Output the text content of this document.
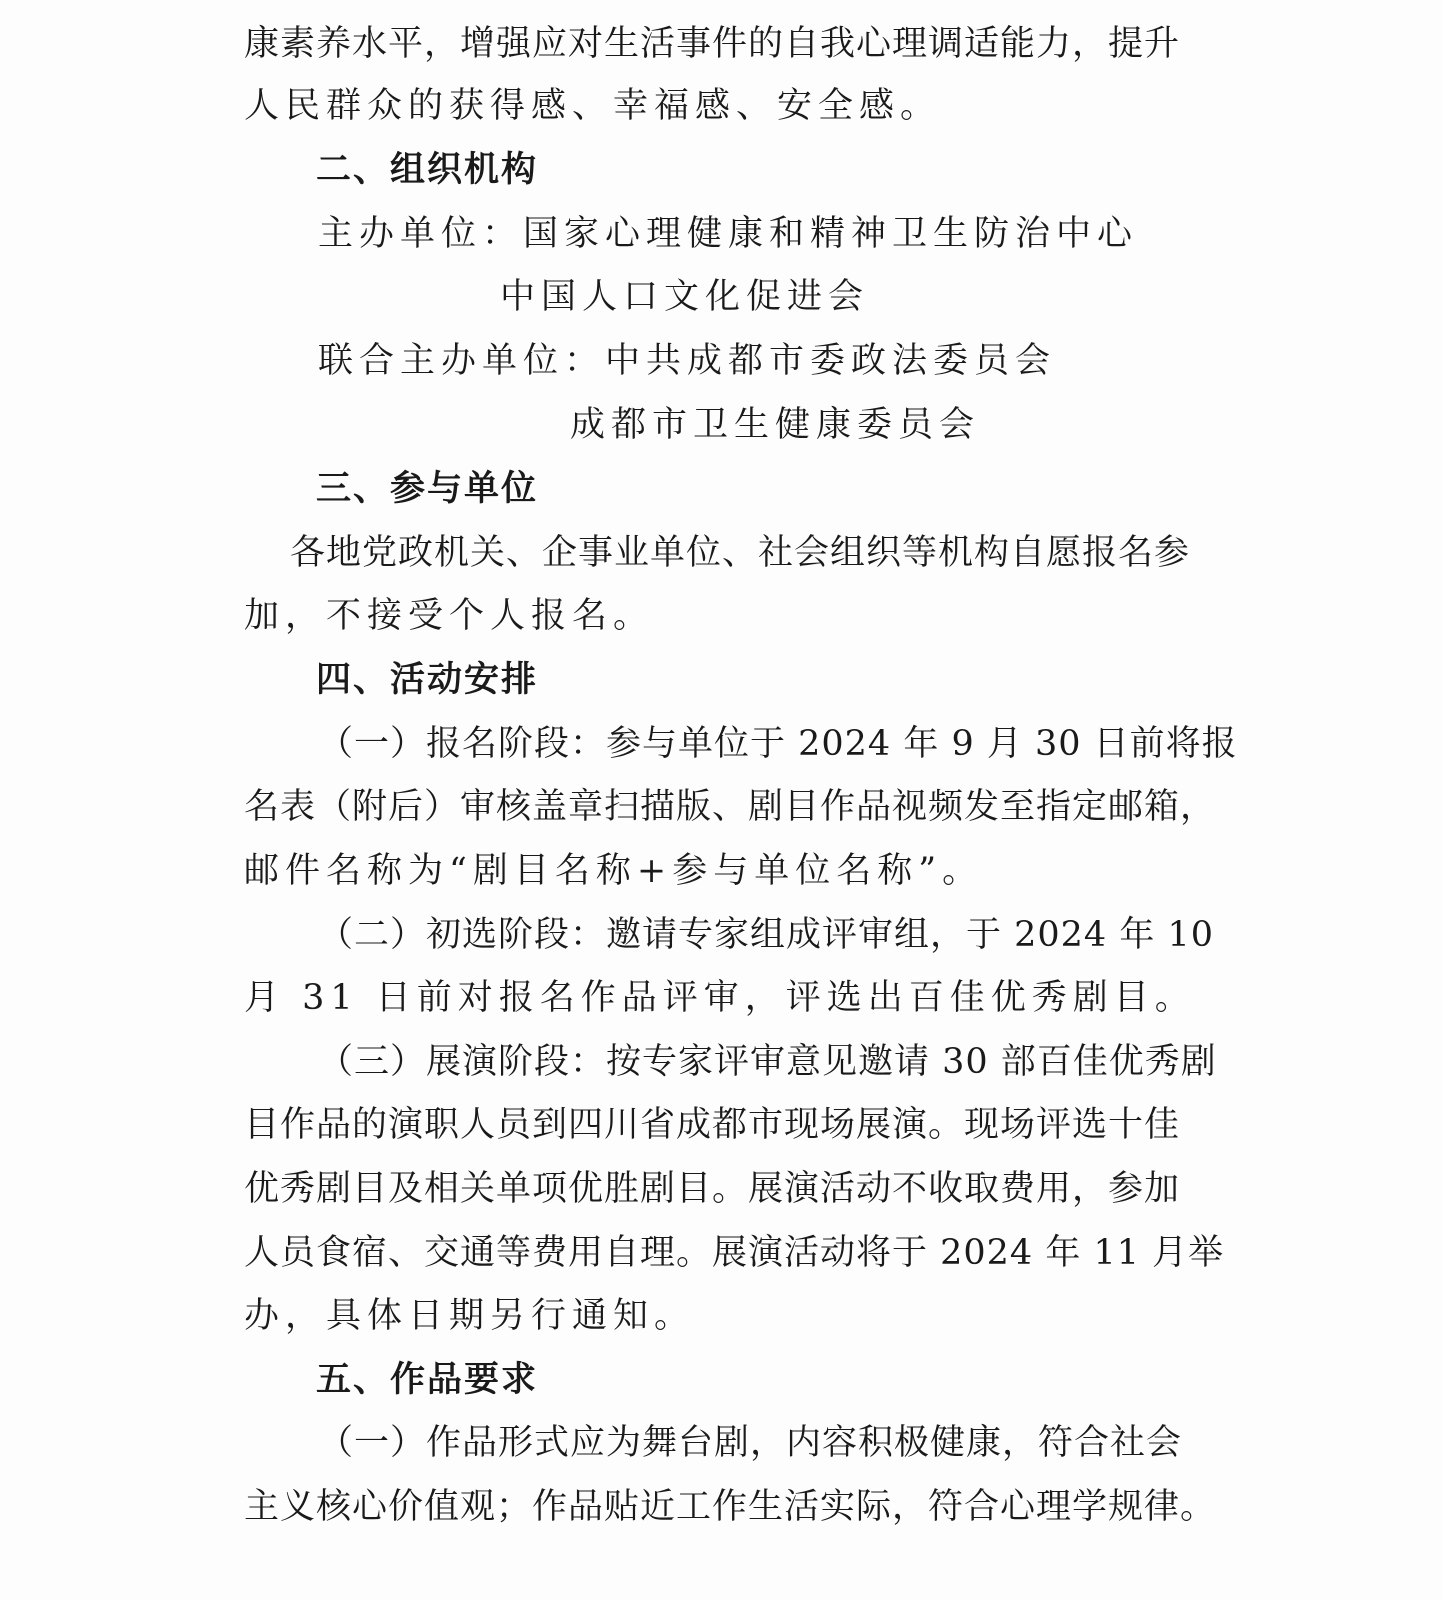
康素养水平，增强应对生活事件的自我心理调适能力，提升
人民群众的获得感、幸福感、安全感。
二、组织机构
主办单位：国家心理健康和精神卫生防治中心
中国人口文化促进会
联合主办单位：中共成都市委政法委员会
成都市卫生健康委员会
三、参与单位
各地党政机关、企事业单位、社会组织等机构自愿报名参
加，不接受个人报名。
四、活动安排
（一）报名阶段：参与单位于 2024 年 9 月 30 日前将报
名表（附后）审核盖章扫描版、剧目作品视频发至指定邮箱，
邮件名称为“剧目名称+参与单位名称”。
（二）初选阶段：邀请专家组成评审组，于 2024 年 10
月 31 日前对报名作品评审，评选出百佳优秀剧目。
（三）展演阶段：按专家评审意见邀请 30 部百佳优秀剧
目作品的演职人员到四川省成都市现场展演。现场评选十佳
优秀剧目及相关单项优胜剧目。展演活动不收取费用，参加
人员食宿、交通等费用自理。展演活动将于 2024 年 11 月举
办，具体日期另行通知。
五、作品要求
（一）作品形式应为舞台剧，内容积极健康，符合社会
主义核心价值观；作品贴近工作生活实际，符合心理学规律。
